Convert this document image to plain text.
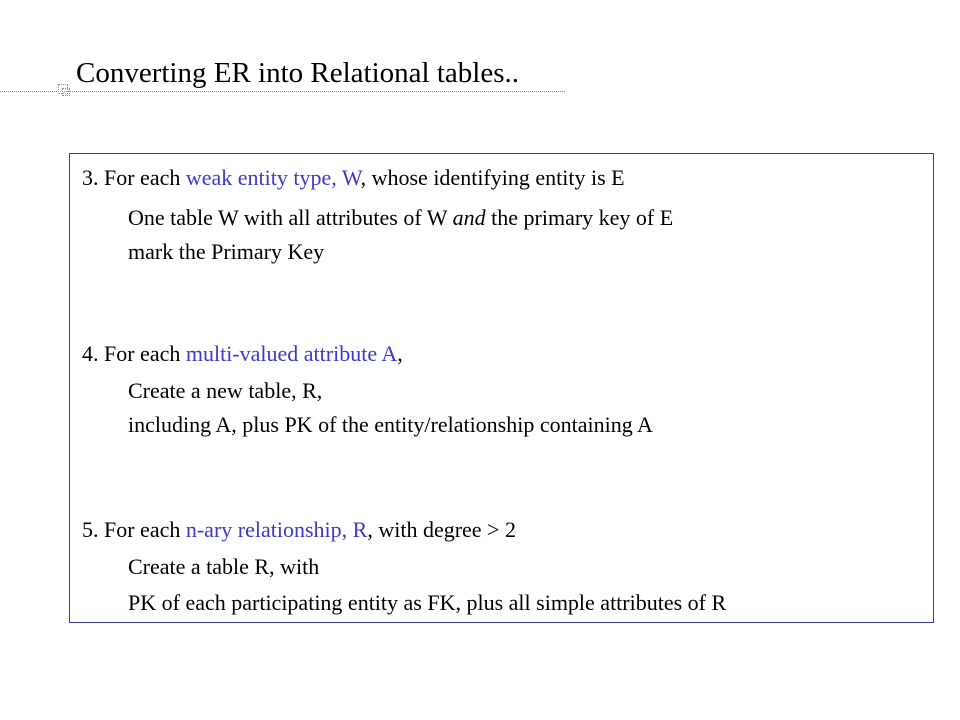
Converting ER into Relational tables..
3. For each weak entity type, W, whose identifying entity is E
One table W with all attributes of W and the primary key of E
mark the Primary Key
4. For each multi-valued attribute A,
Create a new table, R,
including A, plus PK of the entity/relationship containing A
5. For each n-ary relationship, R, with degree > 2
Create a table R, with
PK of each participating entity as FK, plus all simple attributes of R
